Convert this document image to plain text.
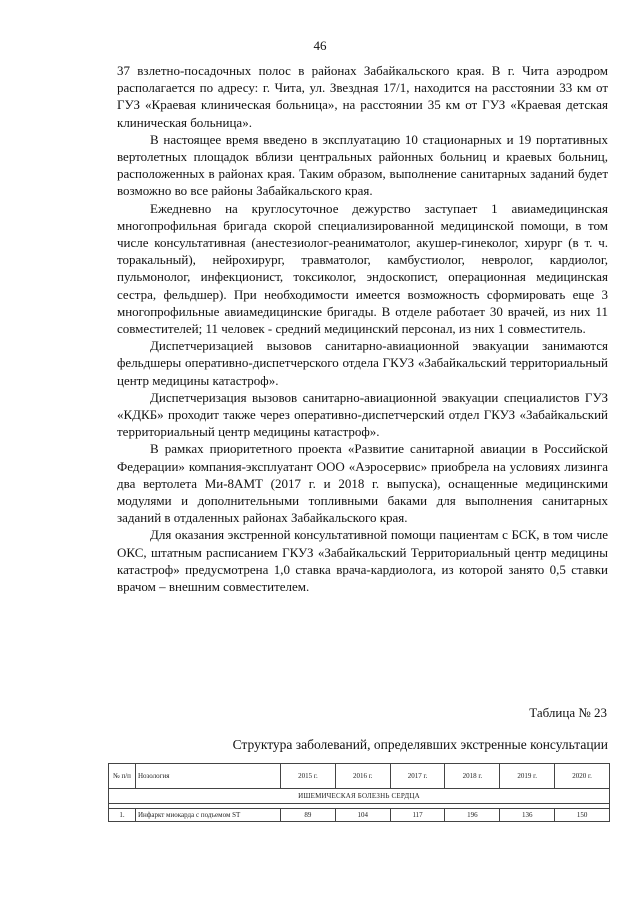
46

37 взлетно-посадочных полос в районах Забайкальского края. В г. Чита аэродром располагается по адресу: г. Чита, ул. Звездная 17/1, находится на расстоянии 33 км от ГУЗ «Краевая клиническая больница», на расстоянии 35 км от ГУЗ «Краевая детская клиническая больница».

В настоящее время введено в эксплуатацию 10 стационарных и 19 портативных вертолетных площадок вблизи центральных районных больниц и краевых больниц, расположенных в районах края. Таким образом, выполнение санитарных заданий будет возможно во все районы Забайкальского края.

Ежедневно на круглосуточное дежурство заступает 1 авиамедицинская многопрофильная бригада скорой специализированной медицинской помощи, в том числе консультативная (анестезиолог-реаниматолог, акушер-гинеколог, хирург (в т. ч. торакальный), нейрохирург, травматолог, камбустиолог, невролог, кардиолог, пульмонолог, инфекционист, токсиколог, эндоскопист, операционная медицинская сестра, фельдшер). При необходимости имеется возможность сформировать еще 3 многопрофильные авиамедицинские бригады. В отделе работает 30 врачей, из них 11 совместителей; 11 человек - средний медицинский персонал, из них 1 совместитель.

Диспетчеризацией вызовов санитарно-авиационной эвакуации занимаются фельдшеры оперативно-диспетчерского отдела ГКУЗ «Забайкальский территориальный центр медицины катастроф».

Диспетчеризация вызовов санитарно-авиационной эвакуации специалистов ГУЗ «КДКБ» проходит также через оперативно-диспетчерский отдел ГКУЗ «Забайкальский территориальный центр медицины катастроф».

В рамках приоритетного проекта «Развитие санитарной авиации в Российской Федерации» компания-эксплуатант ООО «Аэросервис» приобрела на условиях лизинга два вертолета Ми-8АМТ (2017 г. и 2018 г. выпуска), оснащенные медицинскими модулями и дополнительными топливными баками для выполнения санитарных заданий в отдаленных районах Забайкальского края.

Для оказания экстренной консультативной помощи пациентам с БСК, в том числе ОКС, штатным расписанием ГКУЗ «Забайкальский Территориальный центр медицины катастроф» предусмотрена 1,0 ставка врача-кардиолога, из которой занято 0,5 ставки врачом – внешним совместителем.

Таблица № 23
Структура заболеваний, определявших экстренные консультации
№ п/п	Нозология	2015 г.	2016 г.	2017 г.	2018 г.	2019 г.	2020 г.
ИШЕМИЧЕСКАЯ БОЛЕЗНЬ СЕРДЦА							

1.	Инфаркт миокарда с подъемом ST	89	104	117	196	136	150
